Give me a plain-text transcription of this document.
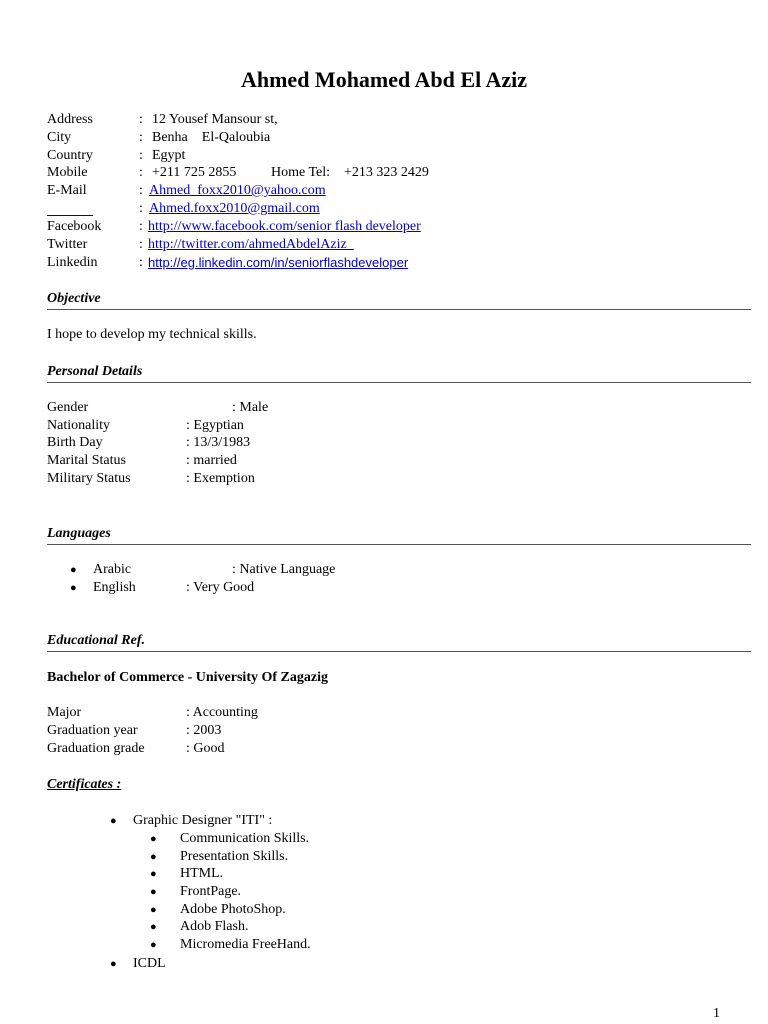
Ahmed Mohamed Abd El Aziz
Address	: 12 Yousef Mansour st,
City	: Benha    El-Qaloubia
Country	: Egypt
Mobile	: +211 725 2855 Home Tel: +213 323 2429
E-Mail	: Ahmed_foxx2010@yahoo.com
: Ahmed.foxx2010@gmail.com
Facebook	: http://www.facebook.com/senior flash developer
Twitter	: http://twitter.com/ahmedAbdelAziz_
Linkedin	: http://eg.linkedin.com/in/seniorflashdeveloper
Objective
I hope to develop my technical skills.
Personal Details
Gender	: Male
Nationality	: Egyptian
Birth Day	: 13/3/1983
Marital Status	: married
Military Status	: Exemption
Languages
● Arabic	: Native Language
● English	: Very Good
Educational Ref.
Bachelor of Commerce - University Of Zagazig
Major	: Accounting
Graduation year	: 2003
Graduation grade	: Good
Certificates :
● Graphic Designer "ITI" :
● Communication Skills.
● Presentation Skills.
● HTML.
● FrontPage.
● Adobe PhotoShop.
● Adob Flash.
● Micromedia FreeHand.
● ICDL
1
